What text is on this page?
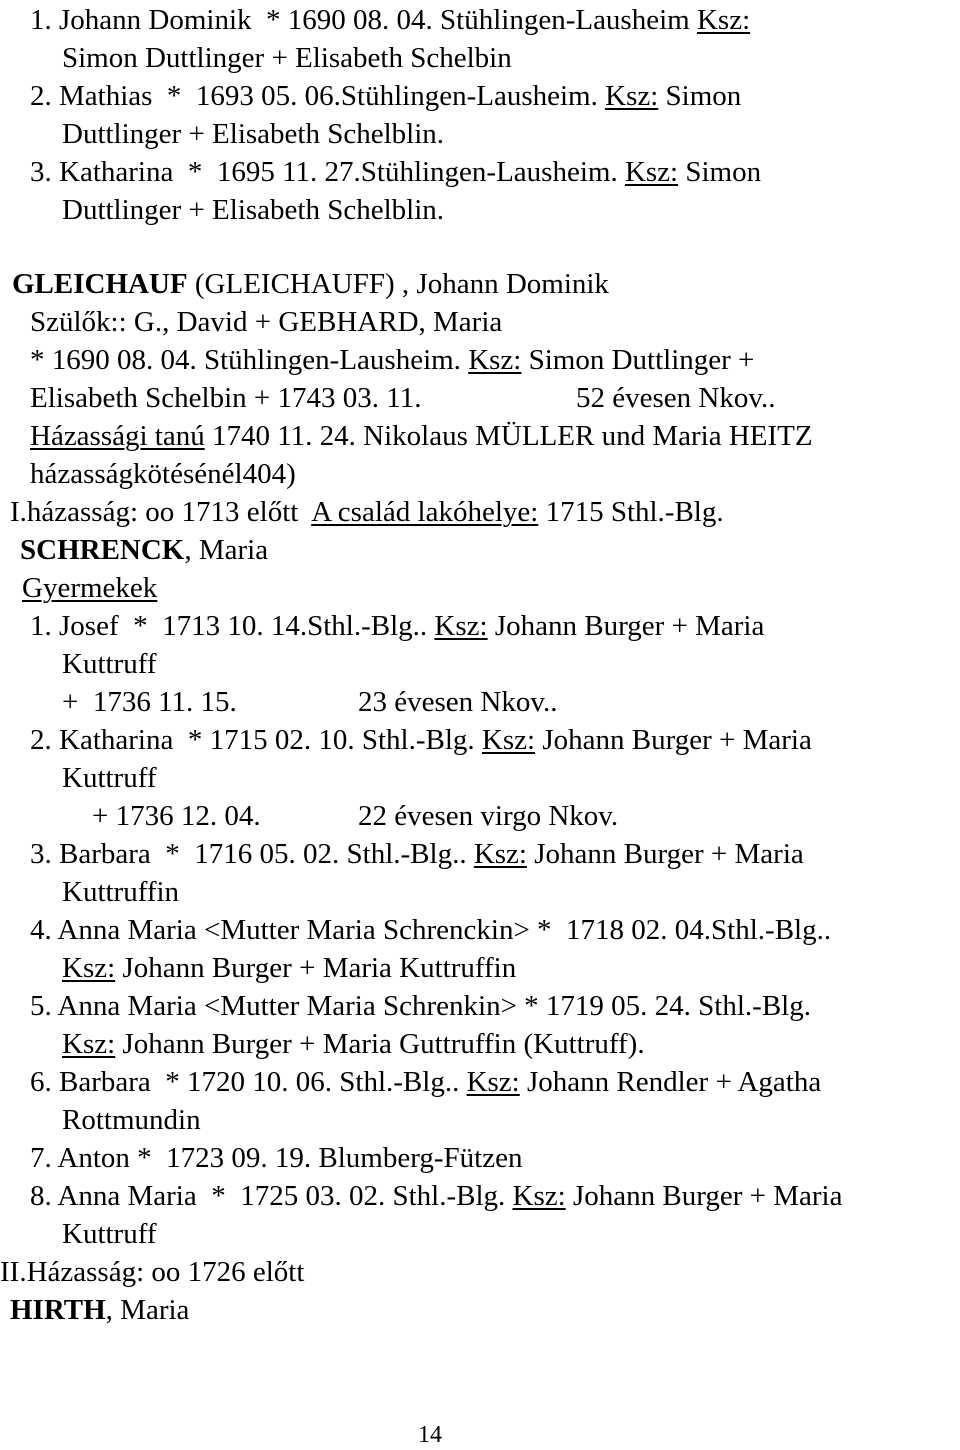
1. Johann Dominik  * 1690 08. 04. Stühlingen-Lausheim Ksz:
Simon Duttlinger + Elisabeth Schelbin
2. Mathias  *  1693 05. 06.Stühlingen-Lausheim. Ksz: Simon
Duttlinger + Elisabeth Schelblin.
3. Katharina  *  1695 11. 27.Stühlingen-Lausheim. Ksz: Simon
Duttlinger + Elisabeth Schelblin.
GLEICHAUF (GLEICHAUFF) , Johann Dominik
Szülők:: G., David + GEBHARD, Maria
* 1690 08. 04. Stühlingen-Lausheim. Ksz: Simon Duttlinger +
Elisabeth Schelbin + 1743 03. 11.	52 évesen Nkov..
Házassági tanú 1740 11. 24. Nikolaus MÜLLER und Maria HEITZ
házasságkötésénél404)
I.házasság: oo 1713 előtt  A család lakóhelye: 1715 Sthl.-Blg.
SCHRENCK, Maria
Gyermekek
1. Josef  *  1713 10. 14.Sthl.-Blg.. Ksz: Johann Burger + Maria
Kuttruff
+  1736 11. 15.	23 évesen Nkov..
2. Katharina  * 1715 02. 10. Sthl.-Blg. Ksz: Johann Burger + Maria
Kuttruff
+ 1736 12. 04.	22 évesen virgo Nkov.
3. Barbara  *  1716 05. 02. Sthl.-Blg.. Ksz: Johann Burger + Maria
Kuttruffin
4. Anna Maria <Mutter Maria Schrenckin> *  1718 02. 04.Sthl.-Blg..
Ksz: Johann Burger + Maria Kuttruffin
5. Anna Maria <Mutter Maria Schrenkin> * 1719 05. 24. Sthl.-Blg.
Ksz: Johann Burger + Maria Guttruffin (Kuttruff).
6. Barbara  * 1720 10. 06. Sthl.-Blg.. Ksz: Johann Rendler + Agatha
Rottmundin
7. Anton *  1723 09. 19. Blumberg-Fützen
8. Anna Maria  *  1725 03. 02. Sthl.-Blg. Ksz: Johann Burger + Maria
Kuttruff
II.Házasság: oo 1726 előtt
HIRTH, Maria
14
